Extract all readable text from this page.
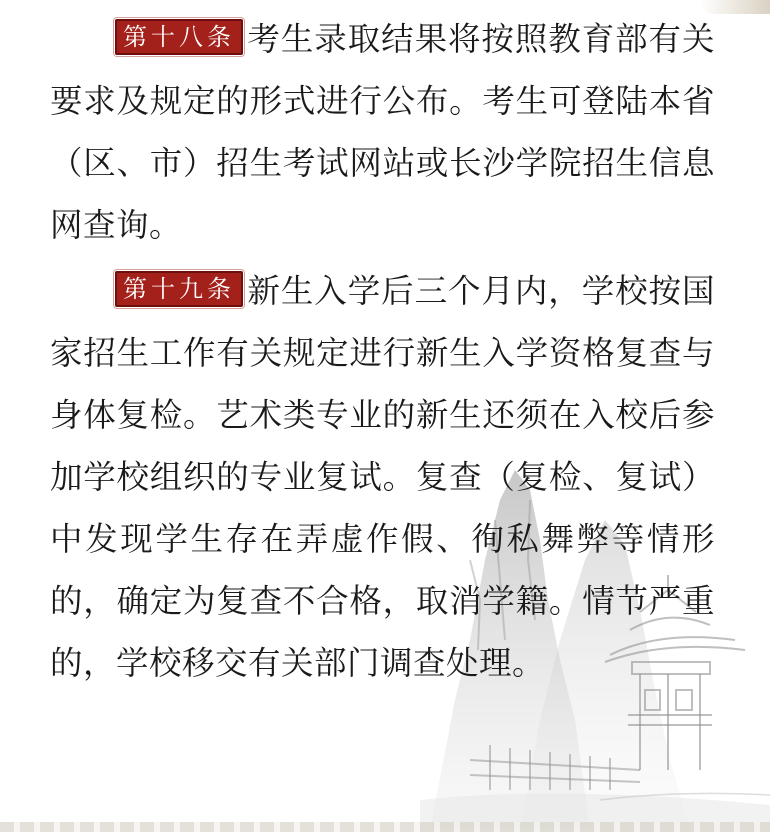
第十八条 考生录取结果将按照教育部有关要求及规定的形式进行公布。考生可登陆本省（区、市）招生考试网站或长沙学院招生信息网查询。

第十九条 新生入学后三个月内，学校按国家招生工作有关规定进行新生入学资格复查与身体复检。艺术类专业的新生还须在入校后参加学校组织的专业复试。复查（复检、复试）中发现学生存在弄虚作假、徇私舞弊等情形的，确定为复查不合格，取消学籍。情节严重的，学校移交有关部门调查处理。
